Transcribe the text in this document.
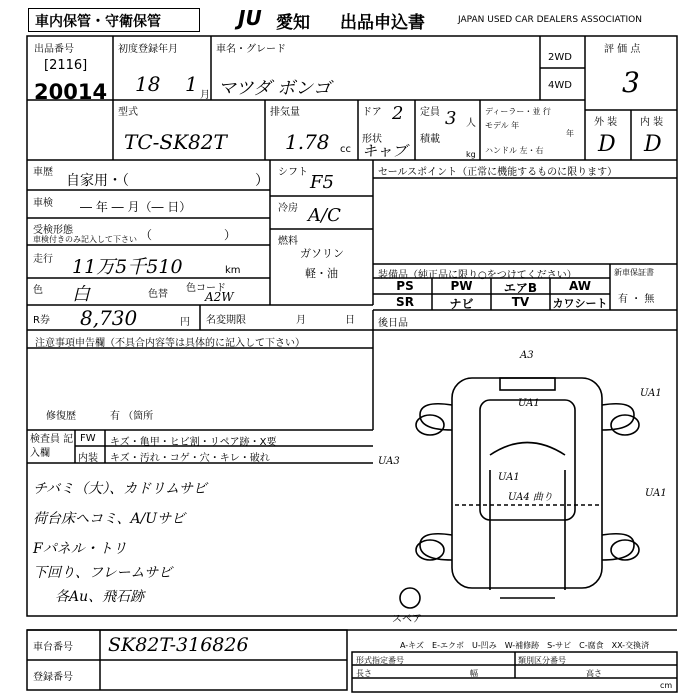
車内保管・守衛保管	JU 愛知 出品申込書	JAPAN USED CAR DEALERS ASSOCIATION
出品番号
[2116]
20014
初度登録年月
18 1 月
車名・グレード
マツダ ボンゴ
2WD
4WD
評 価 点
3
外 装 内 装
D D
型式
TC-SK82T
排気量
1.78 cc
ドア 2 定員 3 人
形状
キャブ
積載
kg
ディーラー・並 行
モデル 年
年
ハンドル 左・右
車歴
自家用・（	）
車検 ― 年 ― 月（― 日）
受検形態
車検付きのみ記入して下さい （　　　　　　）
走行 11万5千510	km
色 白	色替
色コード
A2W
シフト F5
冷房 A/C
燃料
ガソリン
軽・油
セールスポイント（正常に機能するものに限ります）
装備品（純正品に限り○をつけてください）
PS	PW	エアB	AW
SR	ナビ	TV	カワシート
新車保証書
有 ・ 無
R券 8,730	円 名変期限	月	日 後日品
注意事項申告欄（不具合内容等は具体的に記入して下さい）
修復歴	有 （箇所
検査員 記入欄
FW キズ・亀甲・ヒビ割・リペア跡・X要
内装 キズ・汚れ・コゲ・穴・キレ・破れ
チバミ（大）、カドリムサビ
荷台床ヘコミ、A/Uサビ
Fパネル・トリ
下回り、フレームサビ
各Au、飛石跡
A3
UA1
UA1
UA3
UA1
UA4 曲り	UA1
スペア
A-キズ　E-エクボ　U-凹み　W-補修跡　S-サビ　C-腐食　XX-交換済
車台番号 SK82T-316826
登録番号
形式指定番号	類別区分番号
長さ	幅	高さ
cm
